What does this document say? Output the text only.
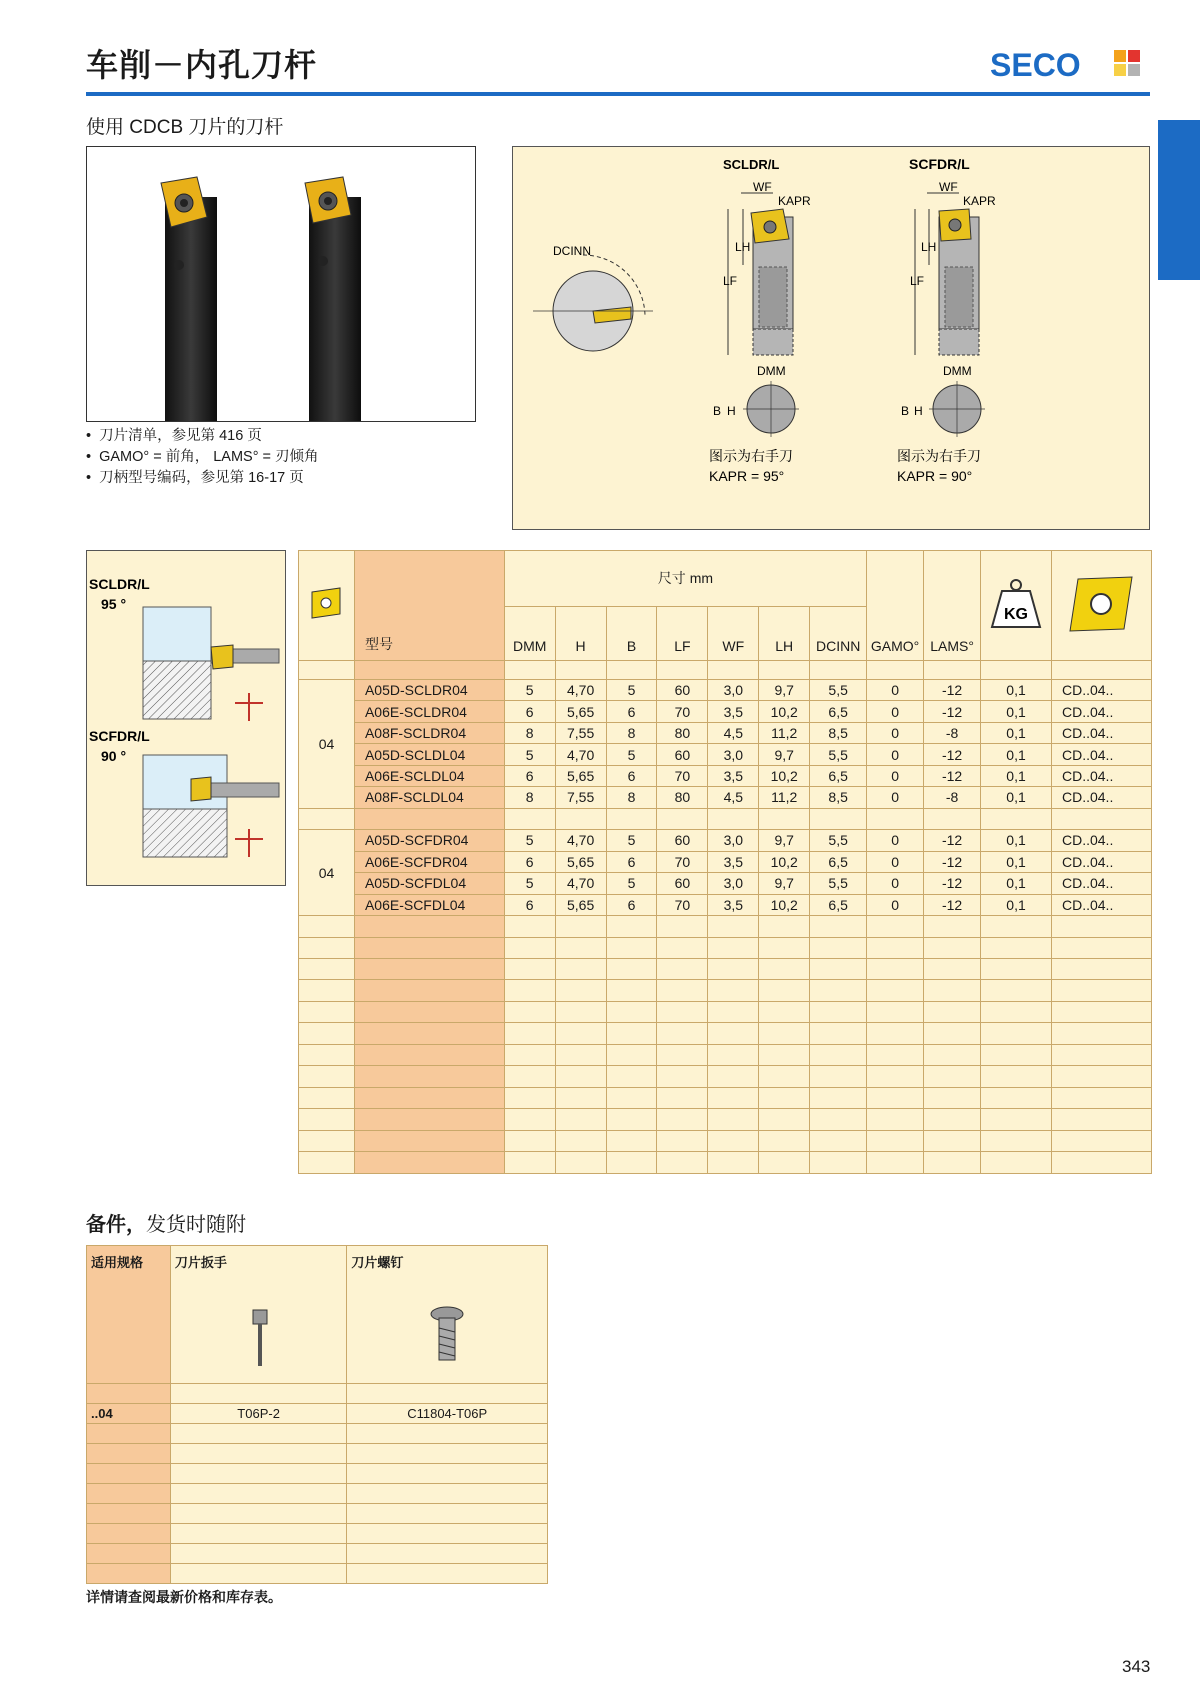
车削－内孔刀杆	SECO
使用 CDCB 刀片的刀杆
• 刀片清单，参见第 416 页
• GAMO° = 前角， LAMS° = 刃倾角
• 刀柄型号编码，参见第 16-17 页
DCINN
SCLDR/L
LF
LH
WF
KAPR
DMM
B H
图示为右手刀
KAPR = 95°
SCFDR/L
LF
LH
WF
KAPR
DMM
B H
图示为右手刀
KAPR = 90°
SCLDR/L
95 °
SCFDR/L
90 °
	型号	尺寸 mm							GAMO°	LAMS°	KG

		DMM	H	B	LF	WF	LH	DCINN				

04	A05D-SCLDR04	5	4,70	5	60	3,0	9,7	5,5	0	-12	0,1	CD..04..
	A06E-SCLDR04	6	5,65	6	70	3,5	10,2	6,5	0	-12	0,1	CD..04..
	A08F-SCLDR04	8	7,55	8	80	4,5	11,2	8,5	0	-8	0,1	CD..04..
	A05D-SCLDL04	5	4,70	5	60	3,0	9,7	5,5	0	-12	0,1	CD..04..
	A06E-SCLDL04	6	5,65	6	70	3,5	10,2	6,5	0	-12	0,1	CD..04..
	A08F-SCLDL04	8	7,55	8	80	4,5	11,2	8,5	0	-8	0,1	CD..04..

04	A05D-SCFDR04	5	4,70	5	60	3,0	9,7	5,5	0	-12	0,1	CD..04..
	A06E-SCFDR04	6	5,65	6	70	3,5	10,2	6,5	0	-12	0,1	CD..04..
	A05D-SCFDL04	5	4,70	5	60	3,0	9,7	5,5	0	-12	0,1	CD..04..
	A06E-SCFDL04	6	5,65	6	70	3,5	10,2	6,5	0	-12	0,1	CD..04..

备件，发货时随附
适用规格	刀片扳手	刀片螺钉

..04	T06P-2	C11804-T06P

详情请查阅最新价格和库存表。
343
